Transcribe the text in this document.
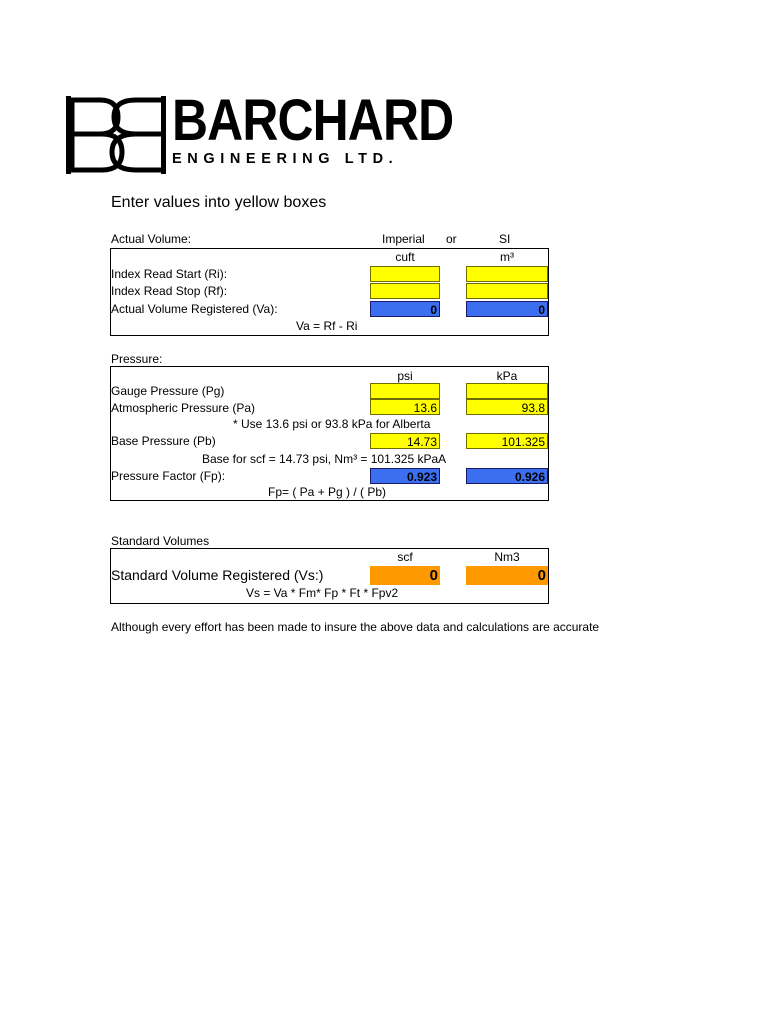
BARCHARD
ENGINEERING LTD.
Enter values into yellow boxes
Actual Volume:	Imperial or	SI
cuft	m³
Index Read Start (Ri):
Index Read Stop (Rf):
Actual Volume Registered (Va):	0	0
Va = Rf - Ri
Pressure:
psi	kPa
Gauge Pressure (Pg)
Atmospheric Pressure (Pa)	13.6	93.8
* Use 13.6 psi or 93.8 kPa for Alberta
Base Pressure (Pb)	14.73	101.325
Base for scf = 14.73 psi, Nm³ = 101.325 kPaA
Pressure Factor (Fp):	0.923	0.926
Fp= ( Pa + Pg ) / ( Pb)
Standard Volumes
scf	Nm3
Standard Volume Registered (Vs:)	0	0
Vs = Va * Fm* Fp * Ft * Fpv2
Although every effort has been made to insure the above data and calculations are accurate
